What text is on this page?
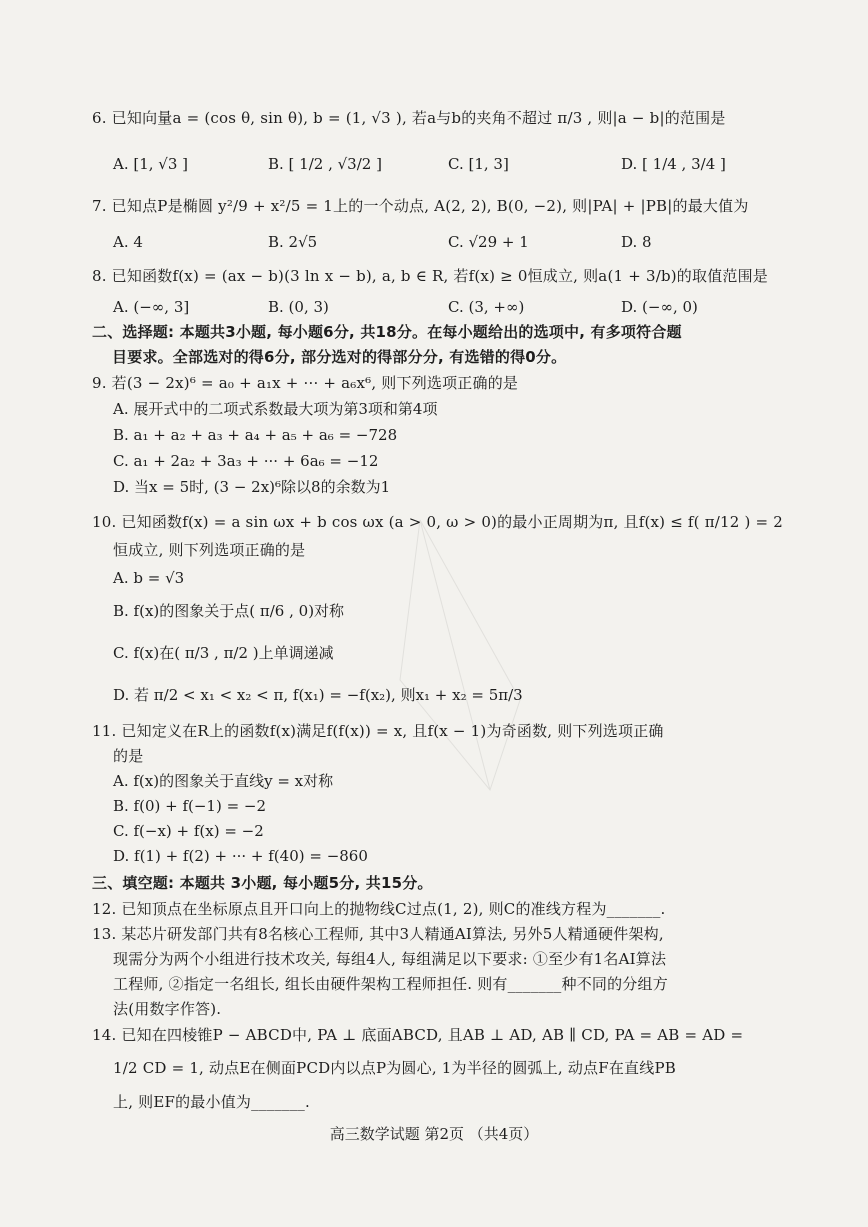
6. 已知向量a = (cos θ, sin θ), b = (1, √3 ), 若a与b的夹角不超过 π/3 , 则|a − b|的范围是
A. [1, √3 ]	B. [ 1/2 , √3/2 ]	C. [1, 3]	D. [ 1/4 , 3/4 ]
7. 已知点P是椭圆 y²/9 + x²/5 = 1上的一个动点, A(2, 2), B(0, −2), 则|PA| + |PB|的最大值为
A. 4	B. 2√5	C. √29 + 1	D. 8
8. 已知函数f(x) = (ax − b)(3 ln x − b), a, b ∈ R, 若f(x) ≥ 0恒成立, 则a(1 + 3/b)的取值范围是
A. (−∞, 3]	B. (0, 3)	C. (3, +∞)	D. (−∞, 0)
二、选择题: 本题共3小题, 每小题6分, 共18分。在每小题给出的选项中, 有多项符合题
目要求。全部选对的得6分, 部分选对的得部分分, 有选错的得0分。
9. 若(3 − 2x)⁶ = a₀ + a₁x + ··· + a₆x⁶, 则下列选项正确的是
A. 展开式中的二项式系数最大项为第3项和第4项
B. a₁ + a₂ + a₃ + a₄ + a₅ + a₆ = −728
C. a₁ + 2a₂ + 3a₃ + ··· + 6a₆ = −12
D. 当x = 5时, (3 − 2x)⁶除以8的余数为1
10. 已知函数f(x) = a sin ωx + b cos ωx (a > 0, ω > 0)的最小正周期为π, 且f(x) ≤ f( π/12 ) = 2
恒成立, 则下列选项正确的是
A. b = √3
B. f(x)的图象关于点( π/6 , 0)对称
C. f(x)在( π/3 , π/2 )上单调递减
D. 若 π/2 < x₁ < x₂ < π, f(x₁) = −f(x₂), 则x₁ + x₂ = 5π/3
11. 已知定义在R上的函数f(x)满足f(f(x)) = x, 且f(x − 1)为奇函数, 则下列选项正确
的是
A. f(x)的图象关于直线y = x对称
B. f(0) + f(−1) = −2
C. f(−x) + f(x) = −2
D. f(1) + f(2) + ··· + f(40) = −860
三、填空题: 本题共 3小题, 每小题5分, 共15分。
12. 已知顶点在坐标原点且开口向上的抛物线C过点(1, 2), 则C的准线方程为_______.
13. 某芯片研发部门共有8名核心工程师, 其中3人精通AI算法, 另外5人精通硬件架构,
现需分为两个小组进行技术攻关, 每组4人, 每组满足以下要求: ①至少有1名AI算法
工程师, ②指定一名组长, 组长由硬件架构工程师担任. 则有_______种不同的分组方
法(用数字作答).
14. 已知在四棱锥P − ABCD中, PA ⊥ 底面ABCD, 且AB ⊥ AD, AB ∥ CD, PA = AB = AD =
1/2 CD = 1, 动点E在侧面PCD内以点P为圆心, 1为半径的圆弧上, 动点F在直线PB
上, 则EF的最小值为_______.
高三数学试题 第2页 （共4页）
